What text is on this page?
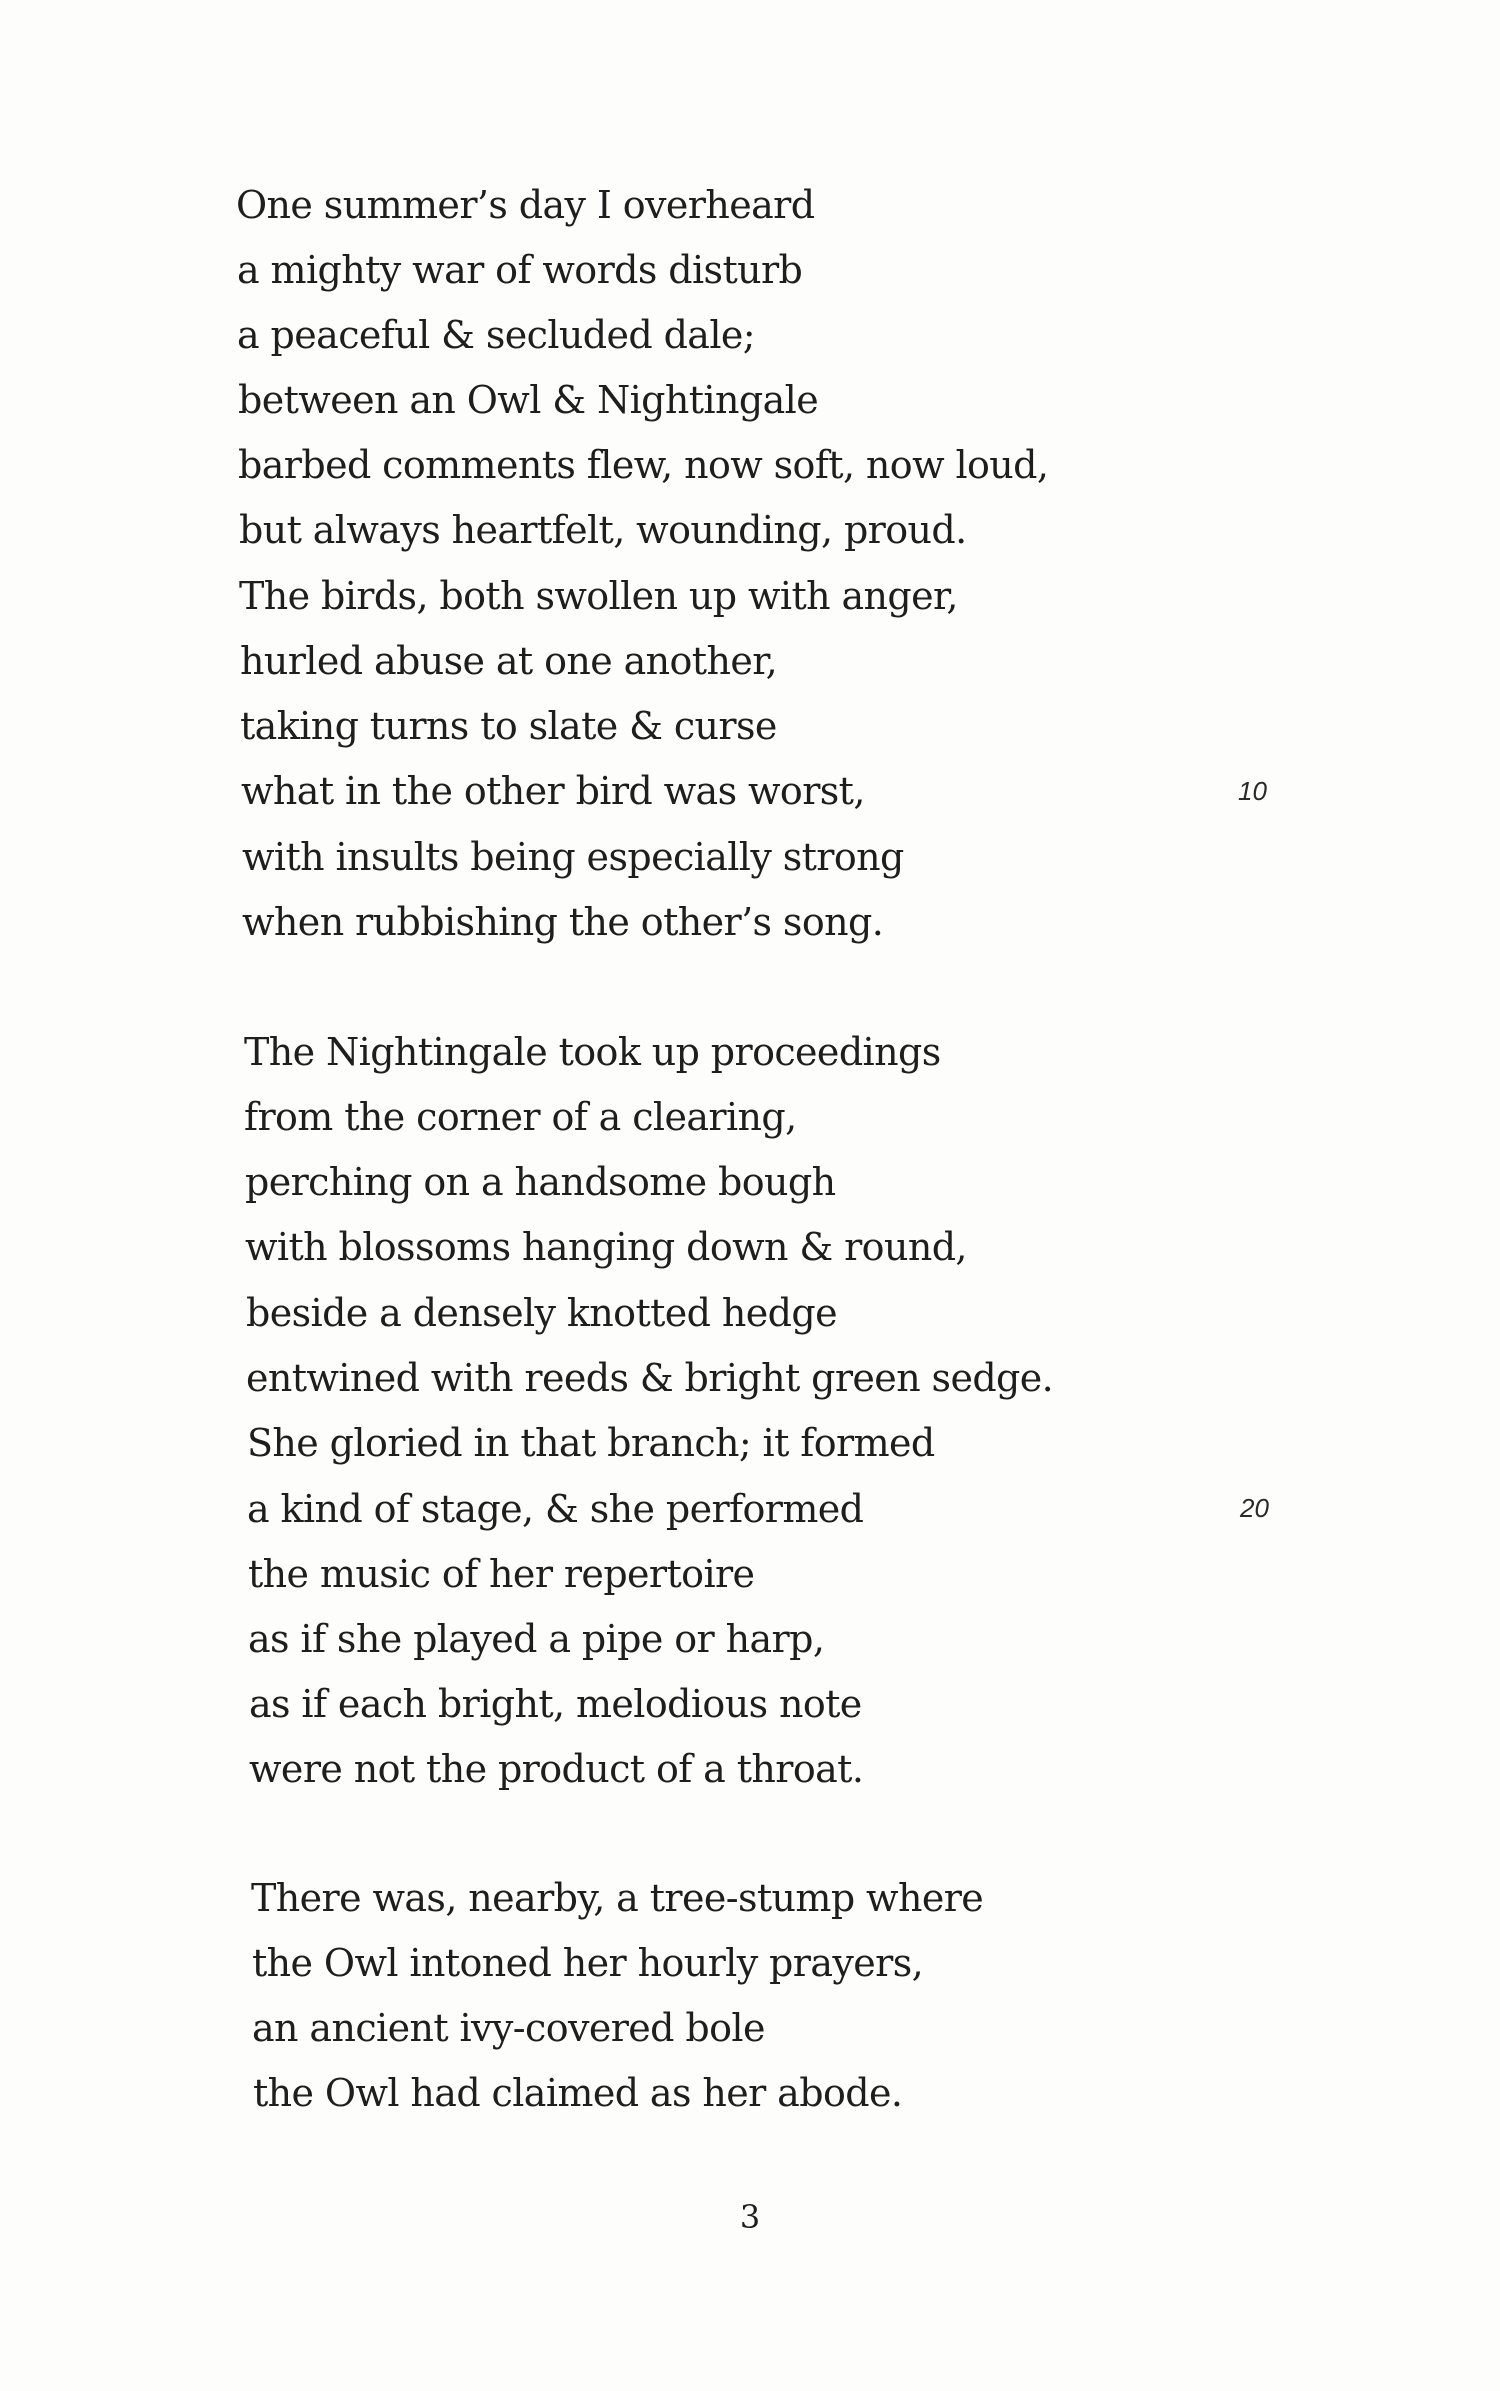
One summer’s day I overheard
a mighty war of words disturb
a peaceful & secluded dale;
between an Owl & Nightingale
barbed comments flew, now soft, now loud,
but always heartfelt, wounding, proud.
The birds, both swollen up with anger,
hurled abuse at one another,
taking turns to slate & curse
what in the other bird was worst,
with insults being especially strong
when rubbishing the other’s song.
The Nightingale took up proceedings
from the corner of a clearing,
perching on a handsome bough
with blossoms hanging down & round,
beside a densely knotted hedge
entwined with reeds & bright green sedge.
She gloried in that branch; it formed
a kind of stage, & she performed
the music of her repertoire
as if she played a pipe or harp,
as if each bright, melodious note
were not the product of a throat.
There was, nearby, a tree-stump where
the Owl intoned her hourly prayers,
an ancient ivy-covered bole
the Owl had claimed as her abode.
10
20
3
